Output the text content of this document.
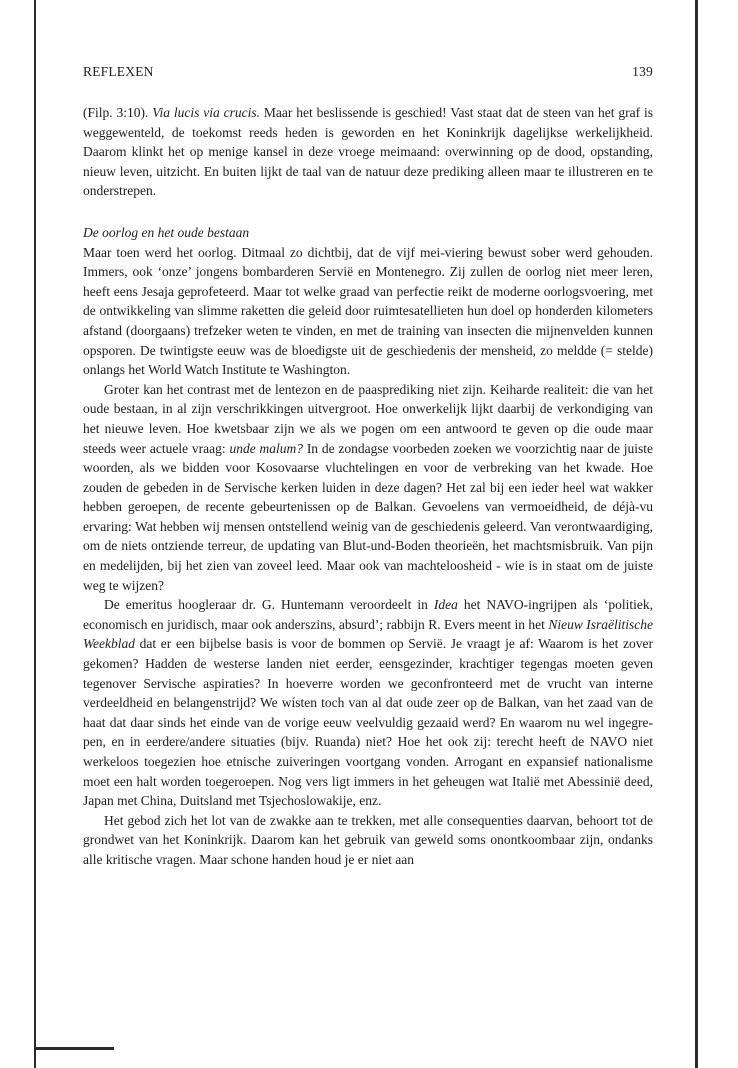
REFLEXEN	139

(Filp. 3:10). Via lucis via crucis. Maar het beslissende is geschied! Vast staat dat de steen van het graf is weggewenteld, de toekomst reeds heden is geworden en het Koninkrijk dagelijkse werkelijkheid. Daarom klinkt het op menige kansel in deze vroege meimaand: overwinning op de dood, opstanding, nieuw leven, uitzicht. En buiten lijkt de taal van de natuur deze prediking alleen maar te illustreren en te onderstrepen.

De oorlog en het oude bestaan

Maar toen werd het oorlog. Ditmaal zo dichtbij, dat de vijf mei-viering bewust sober werd gehouden. Immers, ook ‘onze’ jongens bombarderen Servië en Montenegro. Zij zullen de oorlog niet meer leren, heeft eens Jesaja geprofeteerd. Maar tot welke graad van perfectie reikt de moderne oorlogsvoering, met de ontwikkeling van slimme raketten die geleid door ruimtesatellieten hun doel op honderden kilometers afstand (doorgaans) trefzeker weten te vinden, en met de training van insecten die mijnenvelden kunnen opsporen. De twintigste eeuw was de bloedigste uit de geschiedenis der mensheid, zo meldde (= stelde) onlangs het World Watch Institute te Washington.

Groter kan het contrast met de lentezon en de paasprediking niet zijn. Keiharde realiteit: die van het oude bestaan, in al zijn verschrikkingen uitvergroot. Hoe onwerkelijk lijkt daarbij de verkondiging van het nieuwe leven. Hoe kwetsbaar zijn we als we pogen om een antwoord te geven op die oude maar steeds weer actuele vraag: unde malum? In de zondagse voorbeden zoeken we voorzichtig naar de juiste woorden, als we bidden voor Kosovaarse vluchtelingen en voor de verbreking van het kwade. Hoe zouden de gebeden in de Servische kerken luiden in deze dagen? Het zal bij een ieder heel wat wakker hebben geroepen, de recente gebeurtenissen op de Balkan. Gevoelens van vermoeidheid, de déjà-vu ervaring: Wat hebben wij mensen ontstellend weinig van de geschiedenis geleerd. Van verontwaardiging, om de niets ontziende terreur, de updating van Blut-und-Boden theorieën, het machtsmisbruik. Van pijn en medelijden, bij het zien van zoveel leed. Maar ook van machteloosheid - wie is in staat om de juiste weg te wijzen?

De emeritus hoogleraar dr. G. Huntemann veroordeelt in Idea het NAVO-ingrijpen als ‘politiek, economisch en juridisch, maar ook anderszins, absurd’; rabbijn R. Evers meent in het Nieuw Israëlitische Weekblad dat er een bijbelse basis is voor de bommen op Servië. Je vraagt je af: Waarom is het zover gekomen? Hadden de westerse landen niet eerder, eensgezinder, krachtiger tegengas moeten geven tegenover Servische aspiraties? In hoeverre worden we geconfronteerd met de vrucht van interne verdeeldheid en belangenstrijd? We wísten toch van al dat oude zeer op de Balkan, van het zaad van de haat dat daar sinds het einde van de vorige eeuw veelvuldig gezaaid werd? En waarom nu wel ingegrepen, en in eerdere/andere situaties (bijv. Ruanda) niet? Hoe het ook zij: terecht heeft de NAVO niet werkeloos toegezien hoe etnische zuiveringen voortgang vonden. Arrogant en expansief nationalisme moet een halt worden toegeroepen. Nog vers ligt immers in het geheugen wat Italië met Abessinië deed, Japan met China, Duitsland met Tsjechoslowakije, enz.

Het gebod zich het lot van de zwakke aan te trekken, met alle consequenties daarvan, behoort tot de grondwet van het Koninkrijk. Daarom kan het gebruik van geweld soms onontkoombaar zijn, ondanks alle kritische vragen. Maar schone handen houd je er niet aan
